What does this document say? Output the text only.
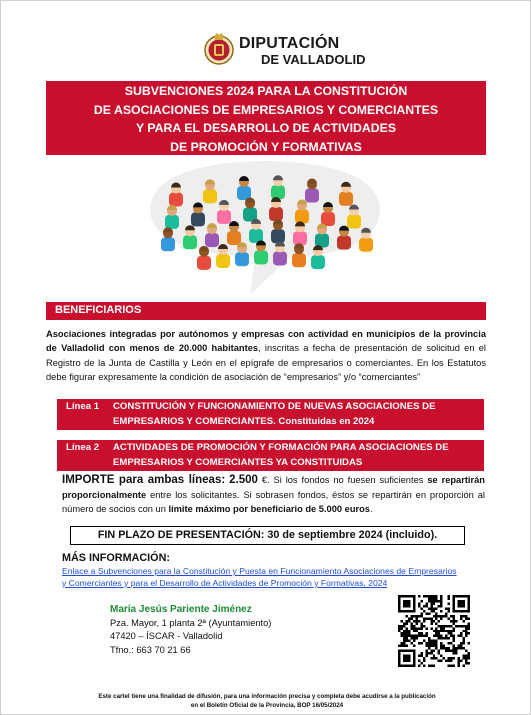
DIPUTACIÓN
DE VALLADOLID
SUBVENCIONES 2024 PARA LA CONSTITUCIÓN
DE ASOCIACIONES DE EMPRESARIOS Y COMERCIANTES
Y PARA EL DESARROLLO DE ACTIVIDADES
DE PROMOCIÓN Y FORMATIVAS
BENEFICIARIOS
Asociaciones integradas por autónomos y empresas con actividad en municipios de la provincia de Valladolid con menos de 20.000 habitantes, inscritas a fecha de presentación de solicitud en el Registro de la Junta de Castilla y León en el epígrafe de empresarios o comerciantes. En los Estatutos debe figurar expresamente la condición de asociación de “empresarios” y/o “comerciantes”
Línea 1 CONSTITUCIÓN Y FUNCIONAMIENTO DE NUEVAS ASOCIACIONES DE EMPRESARIOS Y COMERCIANTES. Constituidas en 2024
Línea 2 ACTIVIDADES DE PROMOCIÓN Y FORMACIÓN PARA ASOCIACIONES DE EMPRESARIOS Y COMERCIANTES YA CONSTITUIDAS
IMPORTE para ambas líneas: 2.500 €. Si los fondos no fuesen suficientes se repartirán proporcionalmente entre los solicitantes. Si sobrasen fondos, éstos se repartirán en proporción al número de socios con un límite máximo por beneficiario de 5.000 euros.
FIN PLAZO DE PRESENTACIÓN: 30 de septiembre 2024 (incluido).
MÁS INFORMACIÓN:
Enlace a Subvenciones para la Constitución y Puesta en Funcionamiento Asociaciones de Empresarios y Comerciantes y para el Desarrollo de Actividades de Promoción y Formativas, 2024
María Jesús Pariente Jiménez
Pza. Mayor, 1 planta 2ª (Ayuntamiento)
47420 – ÍSCAR - Valladolid
Tfno.: 663 70 21 66
Este cartel tiene una finalidad de difusión, para una información precisa y completa debe acudirse a la publicación
en el Boletín Oficial de la Provincia, BOP 16/05/2024
